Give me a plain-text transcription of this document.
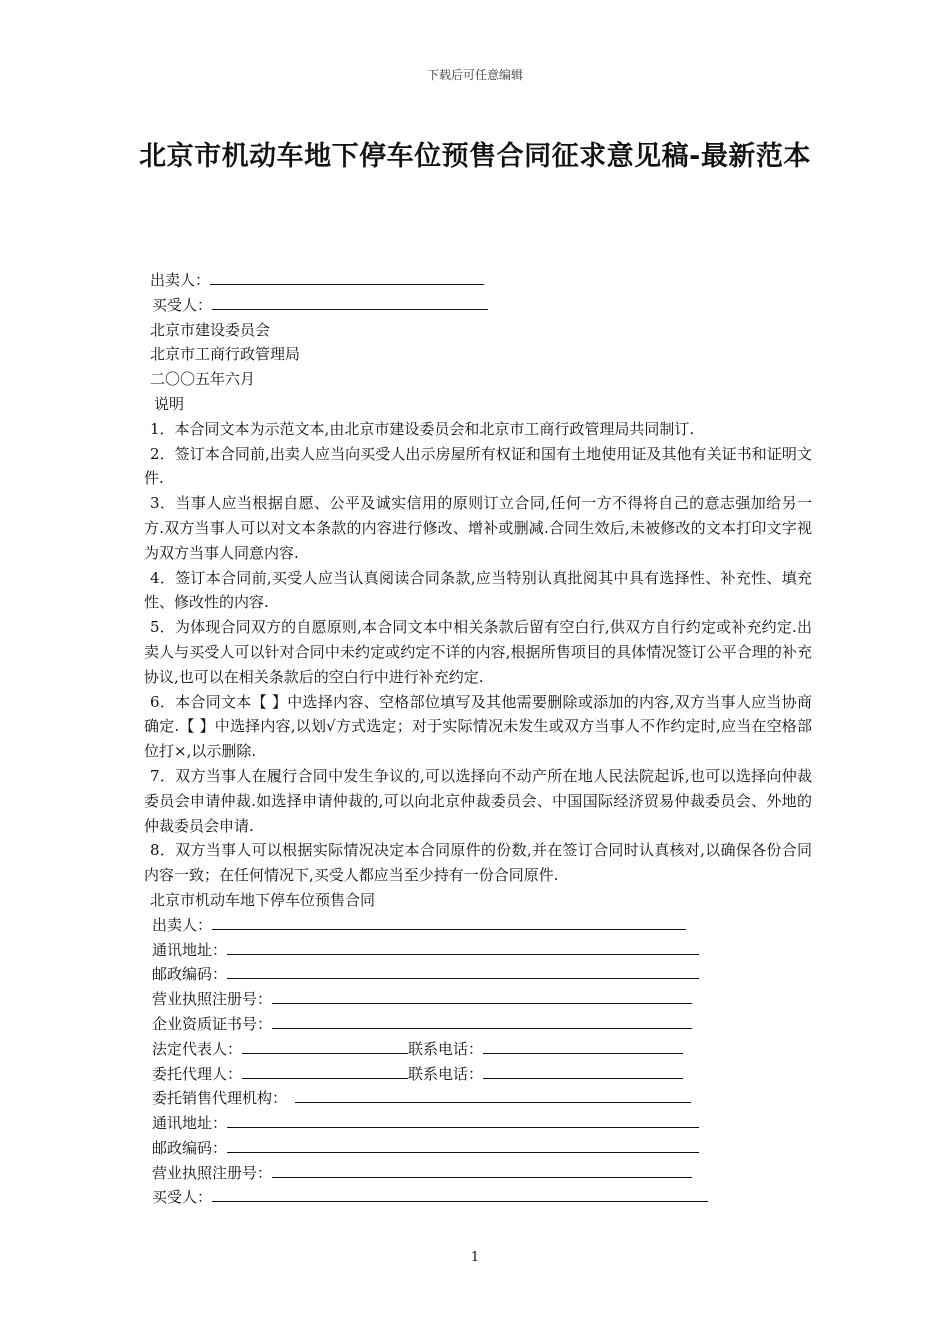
下载后可任意编辑
北京市机动车地下停车位预售合同征求意见稿-最新范本
出卖人：
买受人：
北京市建设委员会
北京市工商行政管理局
二〇〇五年六月
说明
1．本合同文本为示范文本,由北京市建设委员会和北京市工商行政管理局共同制订.
2．签订本合同前,出卖人应当向买受人出示房屋所有权证和国有土地使用证及其他有关证书和证明文件.
3．当事人应当根据自愿、公平及诚实信用的原则订立合同,任何一方不得将自己的意志强加给另一方.双方当事人可以对文本条款的内容进行修改、增补或删减.合同生效后,未被修改的文本打印文字视为双方当事人同意内容.
4．签订本合同前,买受人应当认真阅读合同条款,应当特别认真批阅其中具有选择性、补充性、填充性、修改性的内容.
5．为体现合同双方的自愿原则,本合同文本中相关条款后留有空白行,供双方自行约定或补充约定.出卖人与买受人可以针对合同中未约定或约定不详的内容,根据所售项目的具体情况签订公平合理的补充协议,也可以在相关条款后的空白行中进行补充约定.
6．本合同文本【 】中选择内容、空格部位填写及其他需要删除或添加的内容,双方当事人应当协商确定.【 】中选择内容,以划√方式选定；对于实际情况未发生或双方当事人不作约定时,应当在空格部位打×,以示删除.
7．双方当事人在履行合同中发生争议的,可以选择向不动产所在地人民法院起诉,也可以选择向仲裁委员会申请仲裁.如选择申请仲裁的,可以向北京仲裁委员会、中国国际经济贸易仲裁委员会、外地的仲裁委员会申请.
8．双方当事人可以根据实际情况决定本合同原件的份数,并在签订合同时认真核对,以确保各份合同内容一致；在任何情况下,买受人都应当至少持有一份合同原件.
北京市机动车地下停车位预售合同
出卖人：
通讯地址：
邮政编码：
营业执照注册号：
企业资质证书号：
法定代表人：	联系电话：
委托代理人：	联系电话：
委托销售代理机构：
通讯地址：
邮政编码：
营业执照注册号：
买受人：
1
